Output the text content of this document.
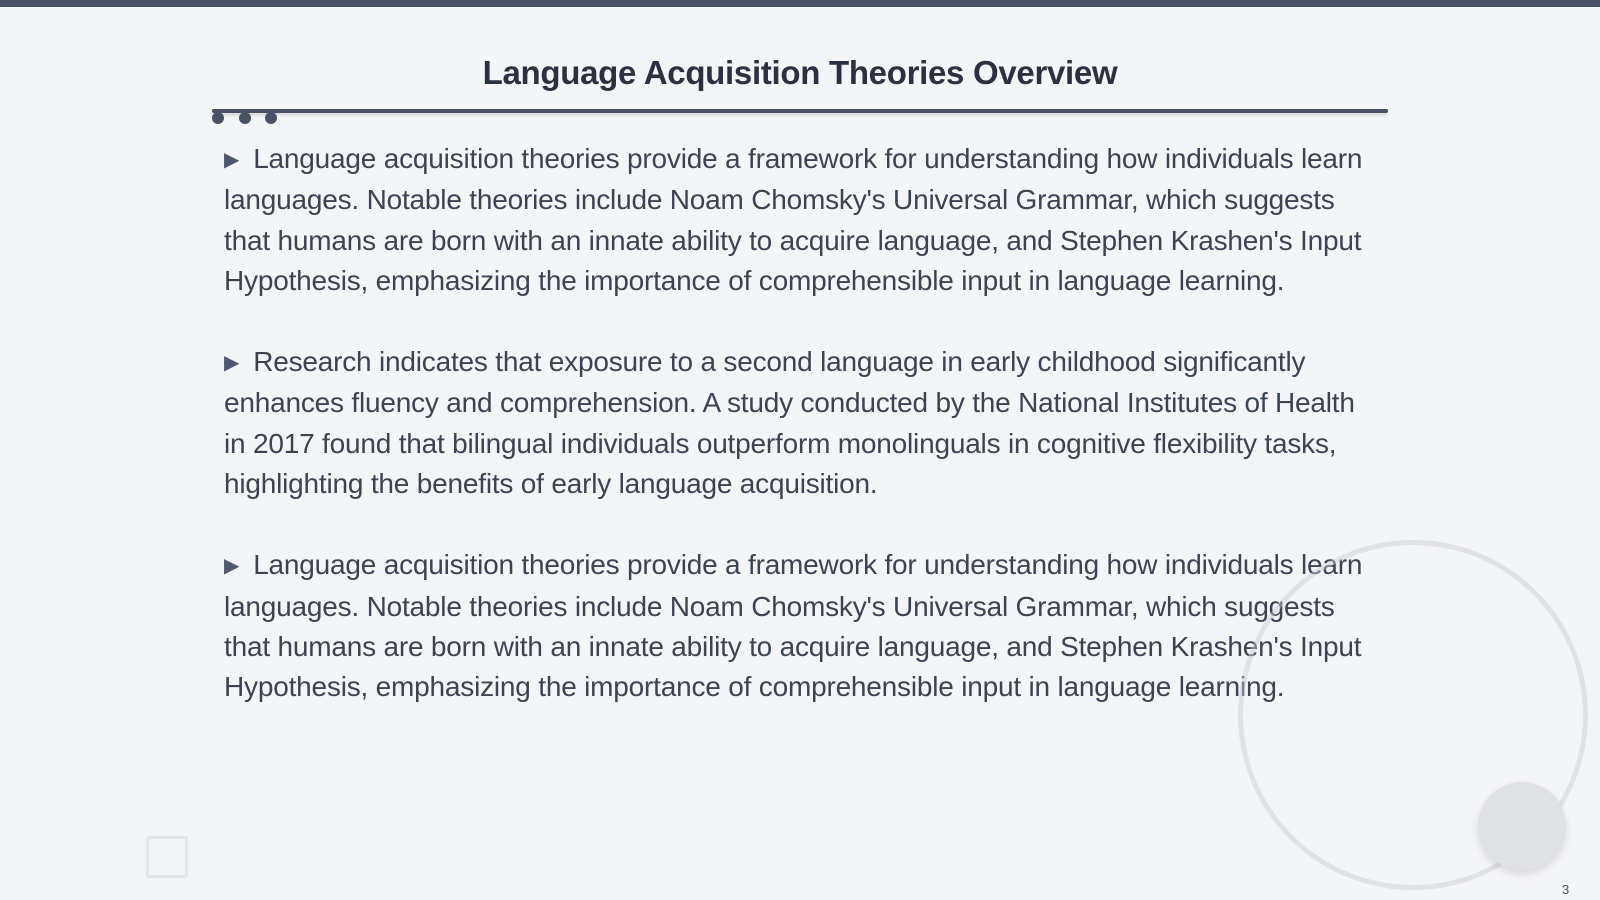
Language Acquisition Theories Overview

▶ Language acquisition theories provide a framework for understanding how individuals learn languages. Notable theories include Noam Chomsky's Universal Grammar, which suggests that humans are born with an innate ability to acquire language, and Stephen Krashen's Input Hypothesis, emphasizing the importance of comprehensible input in language learning.

▶ Research indicates that exposure to a second language in early childhood significantly enhances fluency and comprehension. A study conducted by the National Institutes of Health in 2017 found that bilingual individuals outperform monolinguals in cognitive flexibility tasks, highlighting the benefits of early language acquisition.

▶ Language acquisition theories provide a framework for understanding how individuals learn languages. Notable theories include Noam Chomsky's Universal Grammar, which suggests that humans are born with an innate ability to acquire language, and Stephen Krashen's Input Hypothesis, emphasizing the importance of comprehensible input in language learning.

3
